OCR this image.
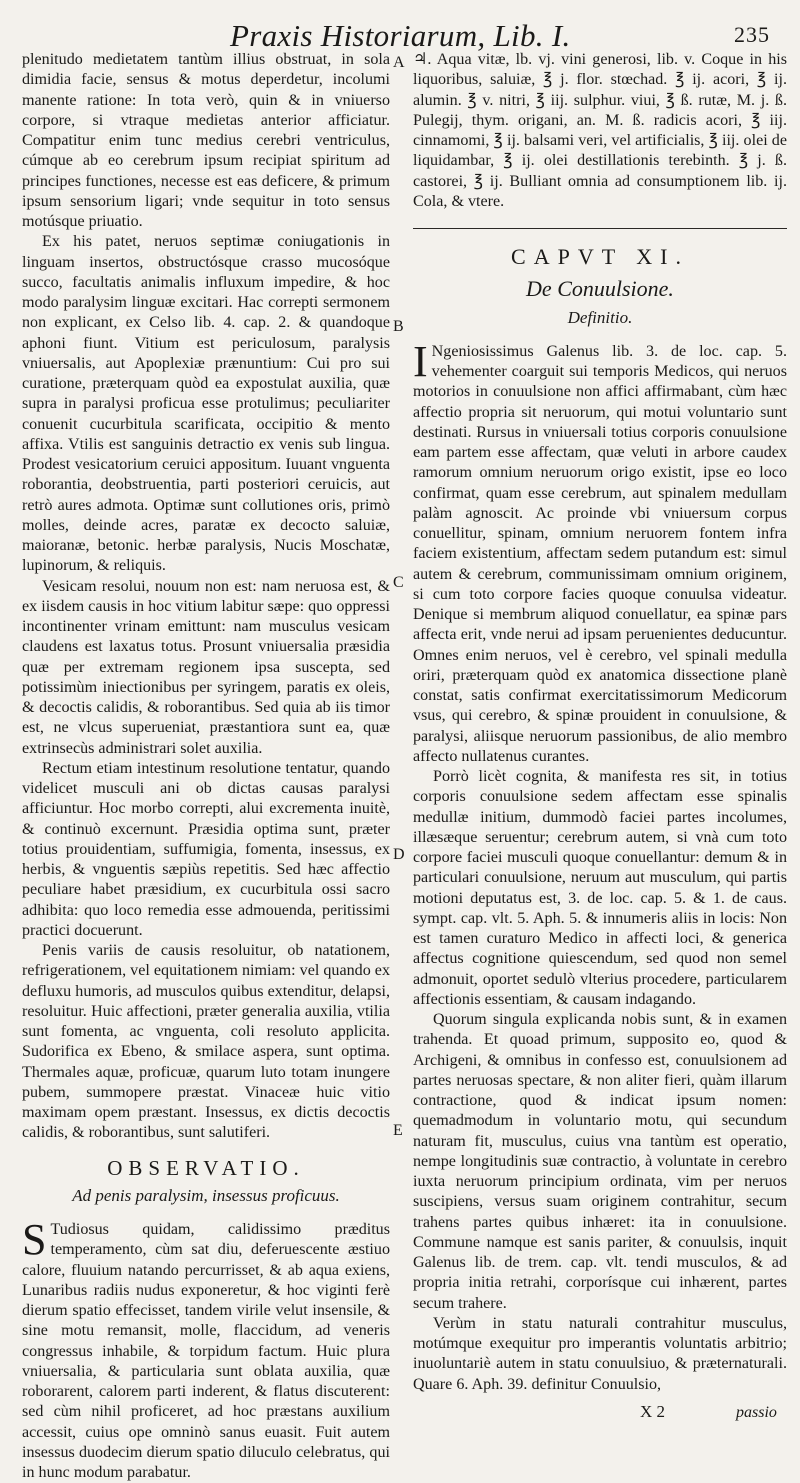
Praxis Historiarum, Lib. I.	235
A
B
C
D
E

plenitudo medietatem tantùm illius obstruat, in sola dimidia facie, sensus & motus deperdetur, incolumi manente ratione: In tota verò, quin & in vniuerso corpore, si vtraque medietas anterior afficiatur. Compatitur enim tunc medius cerebri ventriculus, cúmque ab eo cerebrum ipsum recipiat spiritum ad principes functiones, necesse est eas deficere, & primum ipsum sensorium ligari; vnde sequitur in toto sensus motúsque priuatio.

Ex his patet, neruos septimæ coniugationis in linguam insertos, obstructósque crasso mucosóque succo, facultatis animalis influxum impedire, & hoc modo paralysim linguæ excitari. Hac correpti sermonem non explicant, ex Celso lib. 4. cap. 2. & quandoque aphoni fiunt. Vitium est periculosum, paralysis vniuersalis, aut Apoplexiæ prænuntium: Cui pro sui curatione, præterquam quòd ea expostulat auxilia, quæ supra in paralysi proficua esse protulimus; peculiariter conuenit cucurbitula scarificata, occipitio & mento affixa. Vtilis est sanguinis detractio ex venis sub lingua. Prodest vesicatorium ceruici appositum. Iuuant vnguenta roborantia, deobstruentia, parti posteriori ceruicis, aut retrò aures admota. Optimæ sunt collutiones oris, primò molles, deinde acres, paratæ ex decocto saluiæ, maioranæ, betonic. herbæ paralysis, Nucis Moschatæ, lupinorum, & reliquis.

Vesicam resolui, nouum non est: nam neruosa est, & ex iisdem causis in hoc vitium labitur sæpe: quo oppressi incontinenter vrinam emittunt: nam musculus vesicam claudens est laxatus totus. Prosunt vniuersalia præsidia quæ per extremam regionem ipsa suscepta, sed potissimùm iniectionibus per syringem, paratis ex oleis, & decoctis calidis, & roborantibus. Sed quia ab iis timor est, ne vlcus superueniat, præstantiora sunt ea, quæ extrinsecùs administrari solet auxilia.

Rectum etiam intestinum resolutione tentatur, quando videlicet musculi ani ob dictas causas paralysi afficiuntur. Hoc morbo correpti, alui excrementa inuitè, & continuò excernunt. Præsidia optima sunt, præter totius prouidentiam, suffumigia, fomenta, insessus, ex herbis, & vnguentis sæpiùs repetitis. Sed hæc affectio peculiare habet præsidium, ex cucurbitula ossi sacro adhibita: quo loco remedia esse admouenda, peritissimi practici docuerunt.

Penis variis de causis resoluitur, ob natationem, refrigerationem, vel equitationem nimiam: vel quando ex defluxu humoris, ad musculos quibus extenditur, delapsi, resoluitur. Huic affectioni, præter generalia auxilia, vtilia sunt fomenta, ac vnguenta, coli resoluto applicita. Sudorifica ex Ebeno, & smilace aspera, sunt optima. Thermales aquæ, proficuæ, quarum luto totam inungere pubem, summopere præstat. Vinaceæ huic vitio maximam opem præstant. Insessus, ex dictis decoctis calidis, & roborantibus, sunt salutiferi.

OBSERVATIO.
Ad penis paralysim, insessus proficuus.

S Tudiosus quidam, calidissimo præditus temperamento, cùm sat diu, deferuescente æstiuo calore, fluuium natando percurrisset, & ab aqua exiens, Lunaribus radiis nudus exponeretur, & hoc viginti ferè dierum spatio effecisset, tandem virile velut insensile, & sine motu remansit, molle, flaccidum, ad veneris congressus inhabile, & torpidum factum. Huic plura vniuersalia, & particularia sunt oblata auxilia, quæ roborarent, calorem parti inderent, & flatus discuterent: sed cùm nihil proficeret, ad hoc præstans auxilium accessit, cuius ope omninò sanus euasit. Fuit autem insessus duodecim dierum spatio diluculo celebratus, qui in hunc modum parabatur.

♃. Aqua vitæ, lb. vj. vini generosi, lib. v. Coque in his liquoribus, saluiæ, ℥ j. flor. stœchad. ℥ ij. acori, ℥ ij. alumin. ℥ v. nitri, ℥ iij. sulphur. viui, ℥ ß. rutæ, M. j. ß. Pulegij, thym. origani, an. M. ß. radicis acori, ℥ iij. cinnamomi, ℥ ij. balsami veri, vel artificialis, ℥ iij. olei de liquidambar, ℥ ij. olei destillationis terebinth. ℥ j. ß. castorei, ℥ ij. Bulliant omnia ad consumptionem lib. ij. Cola, & vtere.

CAPVT XI.
De Conuulsione.
Definitio.

I Ngeniosissimus Galenus lib. 3. de loc. cap. 5. vehementer coarguit sui temporis Medicos, qui neruos motorios in conuulsione non affici affirmabant, cùm hæc affectio propria sit neruorum, qui motui voluntario sunt destinati. Rursus in vniuersali totius corporis conuulsione eam partem esse affectam, quæ veluti in arbore caudex ramorum omnium neruorum origo existit, ipse eo loco confirmat, quam esse cerebrum, aut spinalem medullam palàm agnoscit. Ac proinde vbi vniuersum corpus conuellitur, spinam, omnium neruorem fontem infra faciem existentium, affectam sedem putandum est: simul autem & cerebrum, communissimam omnium originem, si cum toto corpore facies quoque conuulsa videatur. Denique si membrum aliquod conuellatur, ea spinæ pars affecta erit, vnde nerui ad ipsam peruenientes deducuntur. Omnes enim neruos, vel è cerebro, vel spinali medulla oriri, præterquam quòd ex anatomica dissectione planè constat, satis confirmat exercitatissimorum Medicorum vsus, qui cerebro, & spinæ prouident in conuulsione, & paralysi, aliisque neruorum passionibus, de alio membro affecto nullatenus curantes.

Porrò licèt cognita, & manifesta res sit, in totius corporis conuulsione sedem affectam esse spinalis medullæ initium, dummodò faciei partes incolumes, illæsæque seruentur; cerebrum autem, si vnà cum toto corpore faciei musculi quoque conuellantur: demum & in particulari conuulsione, neruum aut musculum, qui partis motioni deputatus est, 3. de loc. cap. 5. & 1. de caus. sympt. cap. vlt. 5. Aph. 5. & innumeris aliis in locis: Non est tamen curaturo Medico in affecti loci, & generica affectus cognitione quiescendum, sed quod non semel admonuit, oportet sedulò vlterius procedere, particularem affectionis essentiam, & causam indagando.

Quorum singula explicanda nobis sunt, & in examen trahenda. Et quoad primum, supposito eo, quod & Archigeni, & omnibus in confesso est, conuulsionem ad partes neruosas spectare, & non aliter fieri, quàm illarum contractione, quod & indicat ipsum nomen: quemadmodum in voluntario motu, qui secundum naturam fit, musculus, cuius vna tantùm est operatio, nempe longitudinis suæ contractio, à voluntate in cerebro iuxta neruorum principium ordinata, vim per neruos suscipiens, versus suam originem contrahitur, secum trahens partes quibus inhæret: ita in conuulsione. Commune namque est sanis pariter, & conuulsis, inquit Galenus lib. de trem. cap. vlt. tendi musculos, & ad propria initia retrahi, corporísque cui inhærent, partes secum trahere.

Verùm in statu naturali contrahitur musculus, motúmque exequitur pro imperantis voluntatis arbitrio; inuoluntariè autem in statu conuulsiuo, & præternaturali. Quare 6. Aph. 39. definitur Conuulsio,

X 2	passio
